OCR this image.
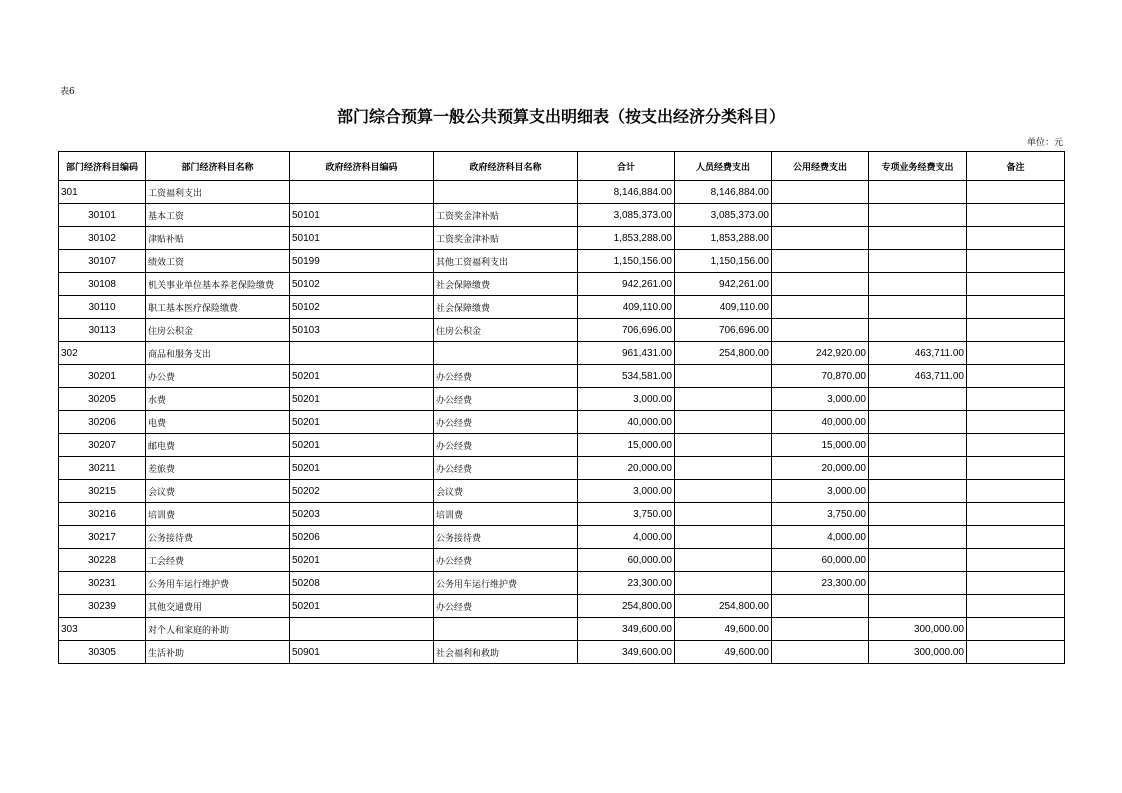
表6
部门综合预算一般公共预算支出明细表（按支出经济分类科目）
单位：元
部门经济科目编码	部门经济科目名称	政府经济科目编码	政府经济科目名称	合计	人员经费支出	公用经费支出	专项业务经费支出	备注
301	工资福利支出			8,146,884.00	8,146,884.00			
30101	基本工资	50101	工资奖金津补贴	3,085,373.00	3,085,373.00			
30102	津贴补贴	50101	工资奖金津补贴	1,853,288.00	1,853,288.00			
30107	绩效工资	50199	其他工资福利支出	1,150,156.00	1,150,156.00			
30108	机关事业单位基本养老保险缴费	50102	社会保障缴费	942,261.00	942,261.00			
30110	职工基本医疗保险缴费	50102	社会保障缴费	409,110.00	409,110.00			
30113	住房公积金	50103	住房公积金	706,696.00	706,696.00			
302	商品和服务支出			961,431.00	254,800.00	242,920.00	463,711.00	
30201	办公费	50201	办公经费	534,581.00		70,870.00	463,711.00	
30205	水费	50201	办公经费	3,000.00		3,000.00		
30206	电费	50201	办公经费	40,000.00		40,000.00		
30207	邮电费	50201	办公经费	15,000.00		15,000.00		
30211	差旅费	50201	办公经费	20,000.00		20,000.00		
30215	会议费	50202	会议费	3,000.00		3,000.00		
30216	培训费	50203	培训费	3,750.00		3,750.00		
30217	公务接待费	50206	公务接待费	4,000.00		4,000.00		
30228	工会经费	50201	办公经费	60,000.00		60,000.00		
30231	公务用车运行维护费	50208	公务用车运行维护费	23,300.00		23,300.00		
30239	其他交通费用	50201	办公经费	254,800.00	254,800.00			
303	对个人和家庭的补助			349,600.00	49,600.00		300,000.00	
30305	生活补助	50901	社会福利和救助	349,600.00	49,600.00		300,000.00	
